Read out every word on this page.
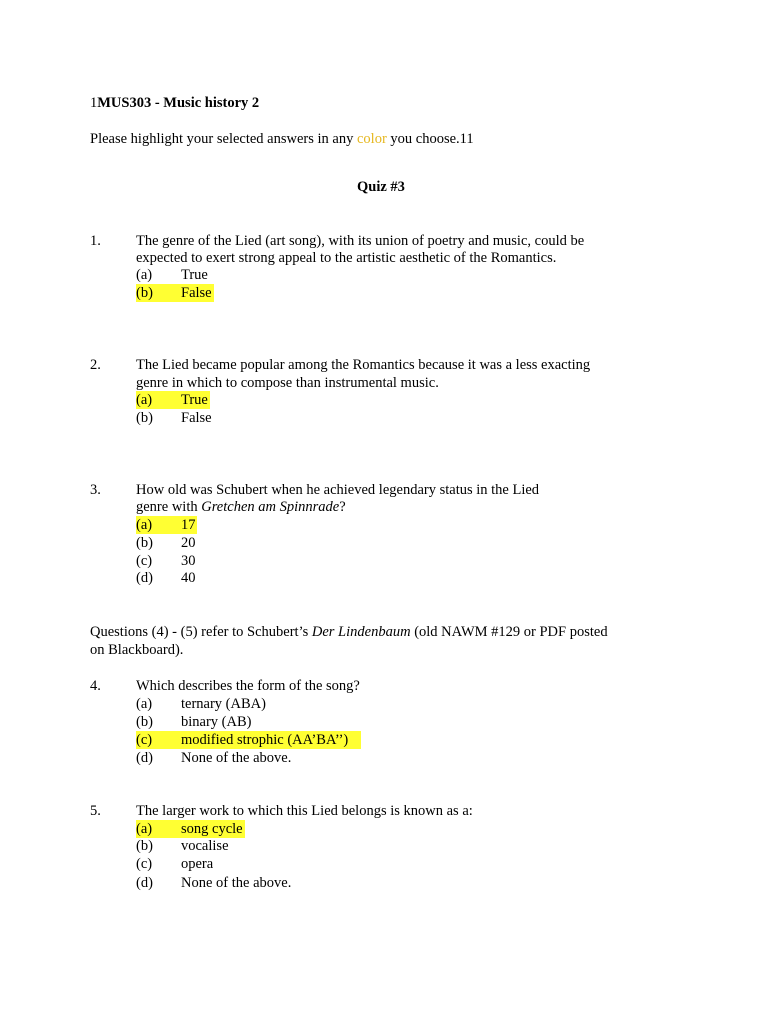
1MUS303 - Music history 2
Please highlight your selected answers in any color you choose.11
Quiz #3
1. The genre of the Lied (art song), with its union of poetry and music, could be
expected to exert strong appeal to the artistic aesthetic of the Romantics.
(a) True
(b) False
2. The Lied became popular among the Romantics because it was a less exacting
genre in which to compose than instrumental music.
(a) True
(b) False
3. How old was Schubert when he achieved legendary status in the Lied
genre with Gretchen am Spinnrade?
(a) 17
(b) 20
(c) 30
(d) 40
Questions (4) - (5) refer to Schubert’s Der Lindenbaum (old NAWM #129 or PDF posted
on Blackboard).
4. Which describes the form of the song?
(a) ternary (ABA)
(b) binary (AB)
(c) modified strophic (AA’BA’’)
(d) None of the above.
5. The larger work to which this Lied belongs is known as a:
(a) song cycle
(b) vocalise
(c) opera
(d) None of the above.
